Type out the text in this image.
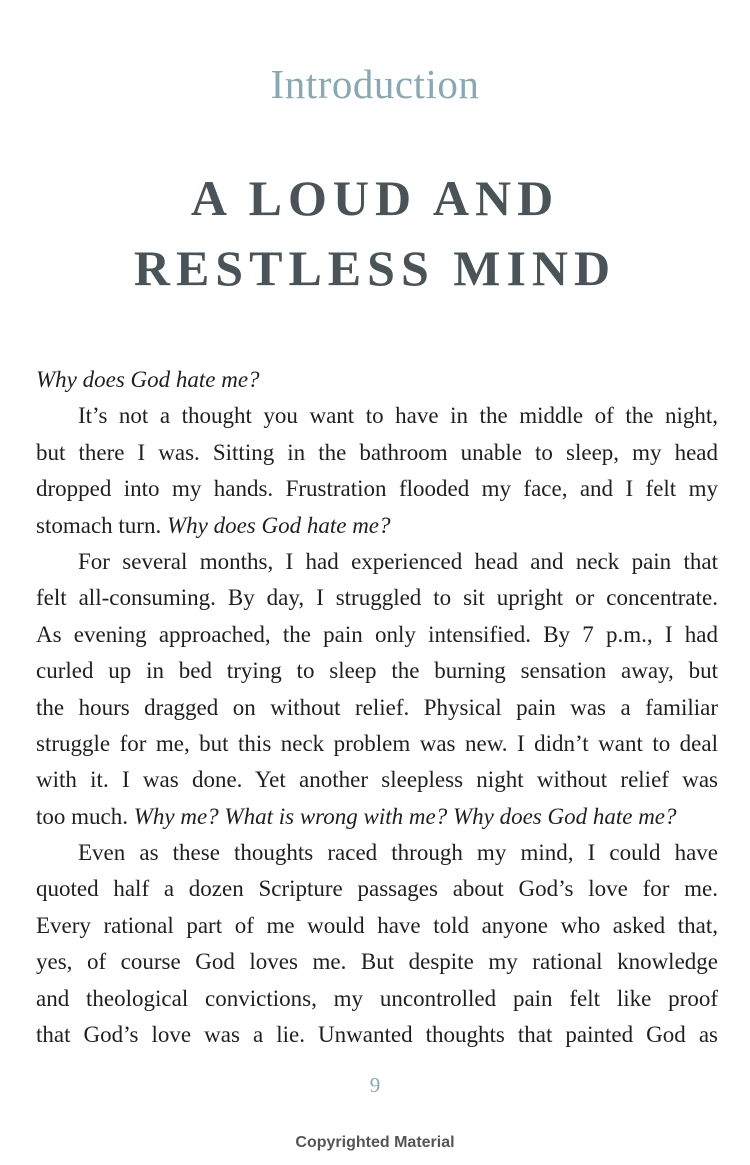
Introduction
A LOUD AND
RESTLESS MIND
Why does God hate me?
It’s not a thought you want to have in the middle of the night,
but there I was. Sitting in the bathroom unable to sleep, my head
dropped into my hands. Frustration flooded my face, and I felt my
stomach turn. Why does God hate me?
For several months, I had experienced head and neck pain that
felt all-consuming. By day, I struggled to sit upright or concentrate.
As evening approached, the pain only intensified. By 7 p.m., I had
curled up in bed trying to sleep the burning sensation away, but
the hours dragged on without relief. Physical pain was a familiar
struggle for me, but this neck problem was new. I didn’t want to deal
with it. I was done. Yet another sleepless night without relief was
too much. Why me? What is wrong with me? Why does God hate me?
Even as these thoughts raced through my mind, I could have
quoted half a dozen Scripture passages about God’s love for me.
Every rational part of me would have told anyone who asked that,
yes, of course God loves me. But despite my rational knowledge
and theological convictions, my uncontrolled pain felt like proof
that God’s love was a lie. Unwanted thoughts that painted God as
9
Copyrighted Material
